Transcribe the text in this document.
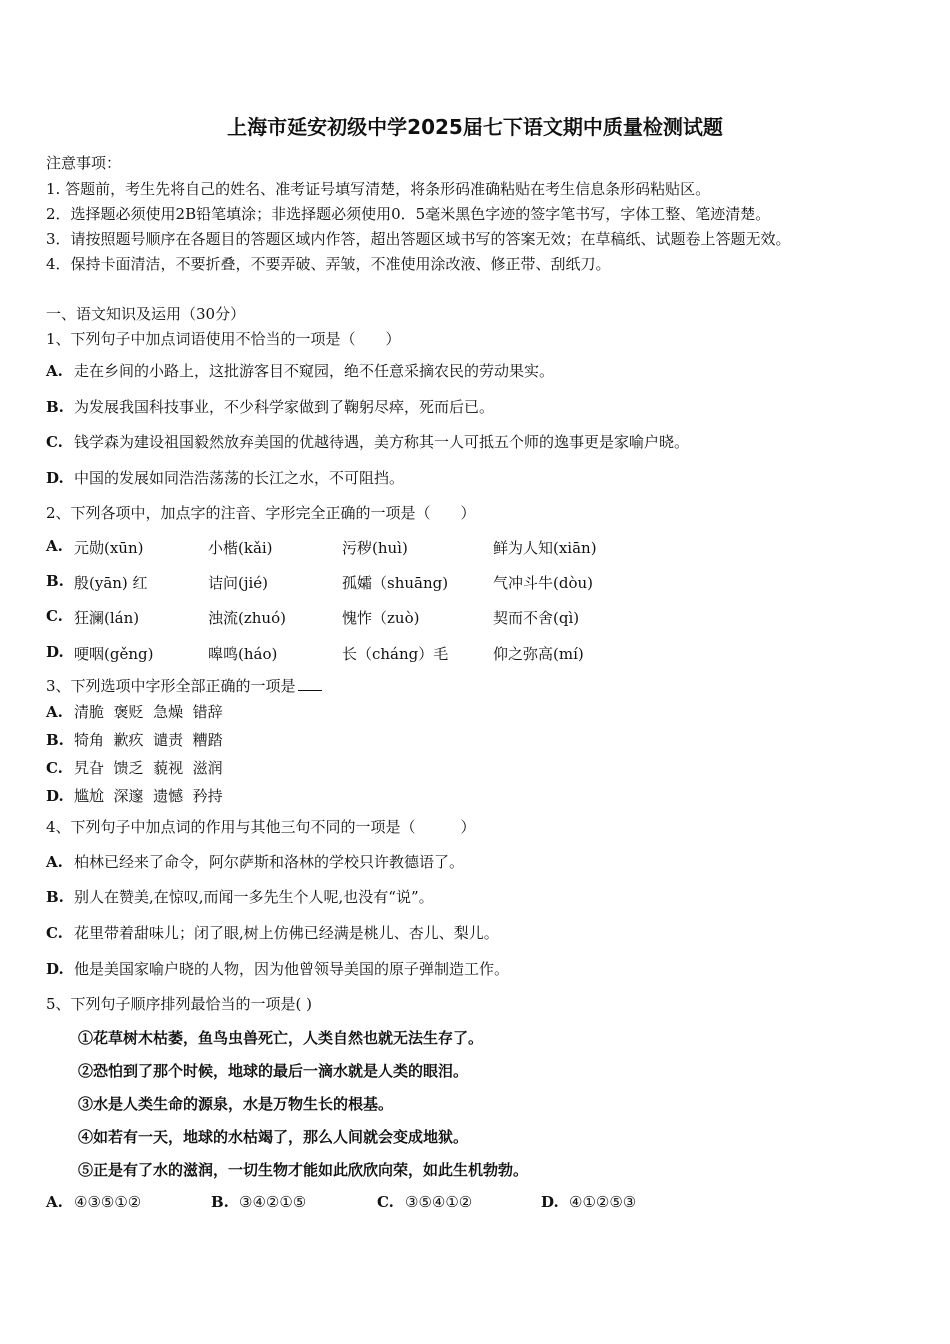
上海市延安初级中学2025届七下语文期中质量检测试题
注意事项：
1. 答题前，考生先将自己的姓名、准考证号填写清楚，将条形码准确粘贴在考生信息条形码粘贴区。
2．选择题必须使用2B铅笔填涂；非选择题必须使用0．5毫米黑色字迹的签字笔书写，字体工整、笔迹清楚。
3．请按照题号顺序在各题目的答题区域内作答，超出答题区域书写的答案无效；在草稿纸、试题卷上答题无效。
4．保持卡面清洁，不要折叠，不要弄破、弄皱，不准使用涂改液、修正带、刮纸刀。
一、语文知识及运用（30分）
1、下列句子中加点词语使用不恰当的一项是（　　）
A. 走在乡间的小路上，这批游客目不窥园，绝不任意采摘农民的劳动果实。
B. 为发展我国科技事业，不少科学家做到了鞠躬尽瘁，死而后已。
C. 钱学森为建设祖国毅然放弃美国的优越待遇，美方称其一人可抵五个师的逸事更是家喻户晓。
D. 中国的发展如同浩浩荡荡的长江之水，不可阻挡。
2、下列各项中，加点字的注音、字形完全正确的一项是（　　）
A. 元勋(xūn)	小楷(kǎi)	污秽(huì)	鲜为人知(xiān)
B. 殷(yān) 红	诘问(jié)	孤孀（shuāng)	气冲斗牛(dòu)
C. 狂澜(lán)	浊流(zhuó)	愧怍（zuò)	契而不舍(qì)
D. 哽咽(gěng)	嗥鸣(háo)	长（cháng）毛	仰之弥高(mí)
3、下列选项中字形全部正确的一项是
A. 清脆  褒贬  急燥  错辞
B. 犄角  歉疚  谴责  糟踏
C. 旯旮  馈乏  藐视  滋润
D. 尴尬  深邃  遗憾  矜持
4、下列句子中加点词的作用与其他三句不同的一项是（　　　）
A. 柏林已经来了命令，阿尔萨斯和洛林的学校只许教德语了。
B. 别人在赞美,在惊叹,而闻一多先生个人呢,也没有“说”。
C. 花里带着甜味儿；闭了眼,树上仿佛已经满是桃儿、杏儿、梨儿。
D. 他是美国家喻户晓的人物，因为他曾领导美国的原子弹制造工作。
5、下列句子顺序排列最恰当的一项是( )
①花草树木枯萎，鱼鸟虫兽死亡，人类自然也就无法生存了。
②恐怕到了那个时候，地球的最后一滴水就是人类的眼泪。
③水是人类生命的源泉，水是万物生长的根基。
④如若有一天，地球的水枯竭了，那么人间就会变成地狱。
⑤正是有了水的滋润，一切生物才能如此欣欣向荣，如此生机勃勃。
A. ④③⑤①②	B. ③④②①⑤	C. ③⑤④①②	D. ④①②⑤③
